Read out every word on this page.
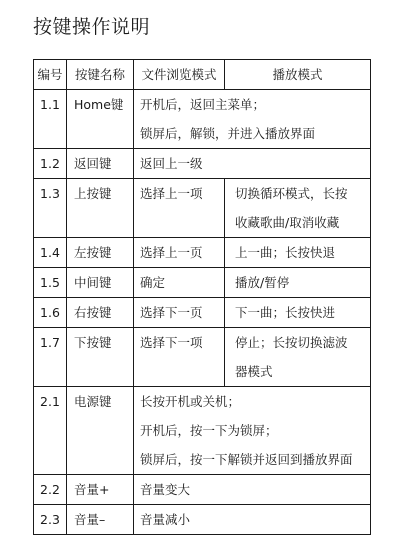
按键操作说明
编号	按键名称	文件浏览模式	播放模式
1.1	Home键	开机后，返回主菜单；
锁屏后，解锁，并进入播放界面	

1.2	返回键	返回上一级	

1.3	上按键	选择上一项	切换循环模式，长按
收藏歌曲/取消收藏

1.4	左按键	选择上一页	上一曲；长按快退

1.5	中间键	确定	播放/暂停

1.6	右按键	选择下一页	下一曲；长按快进

1.7	下按键	选择下一项	停止；长按切换滤波
器模式

2.1	电源键	长按开机或关机；
开机后，按一下为锁屏；
锁屏后，按一下解锁并返回到播放界面	

2.2	音量+	音量变大	

2.3	音量–	音量减小	
